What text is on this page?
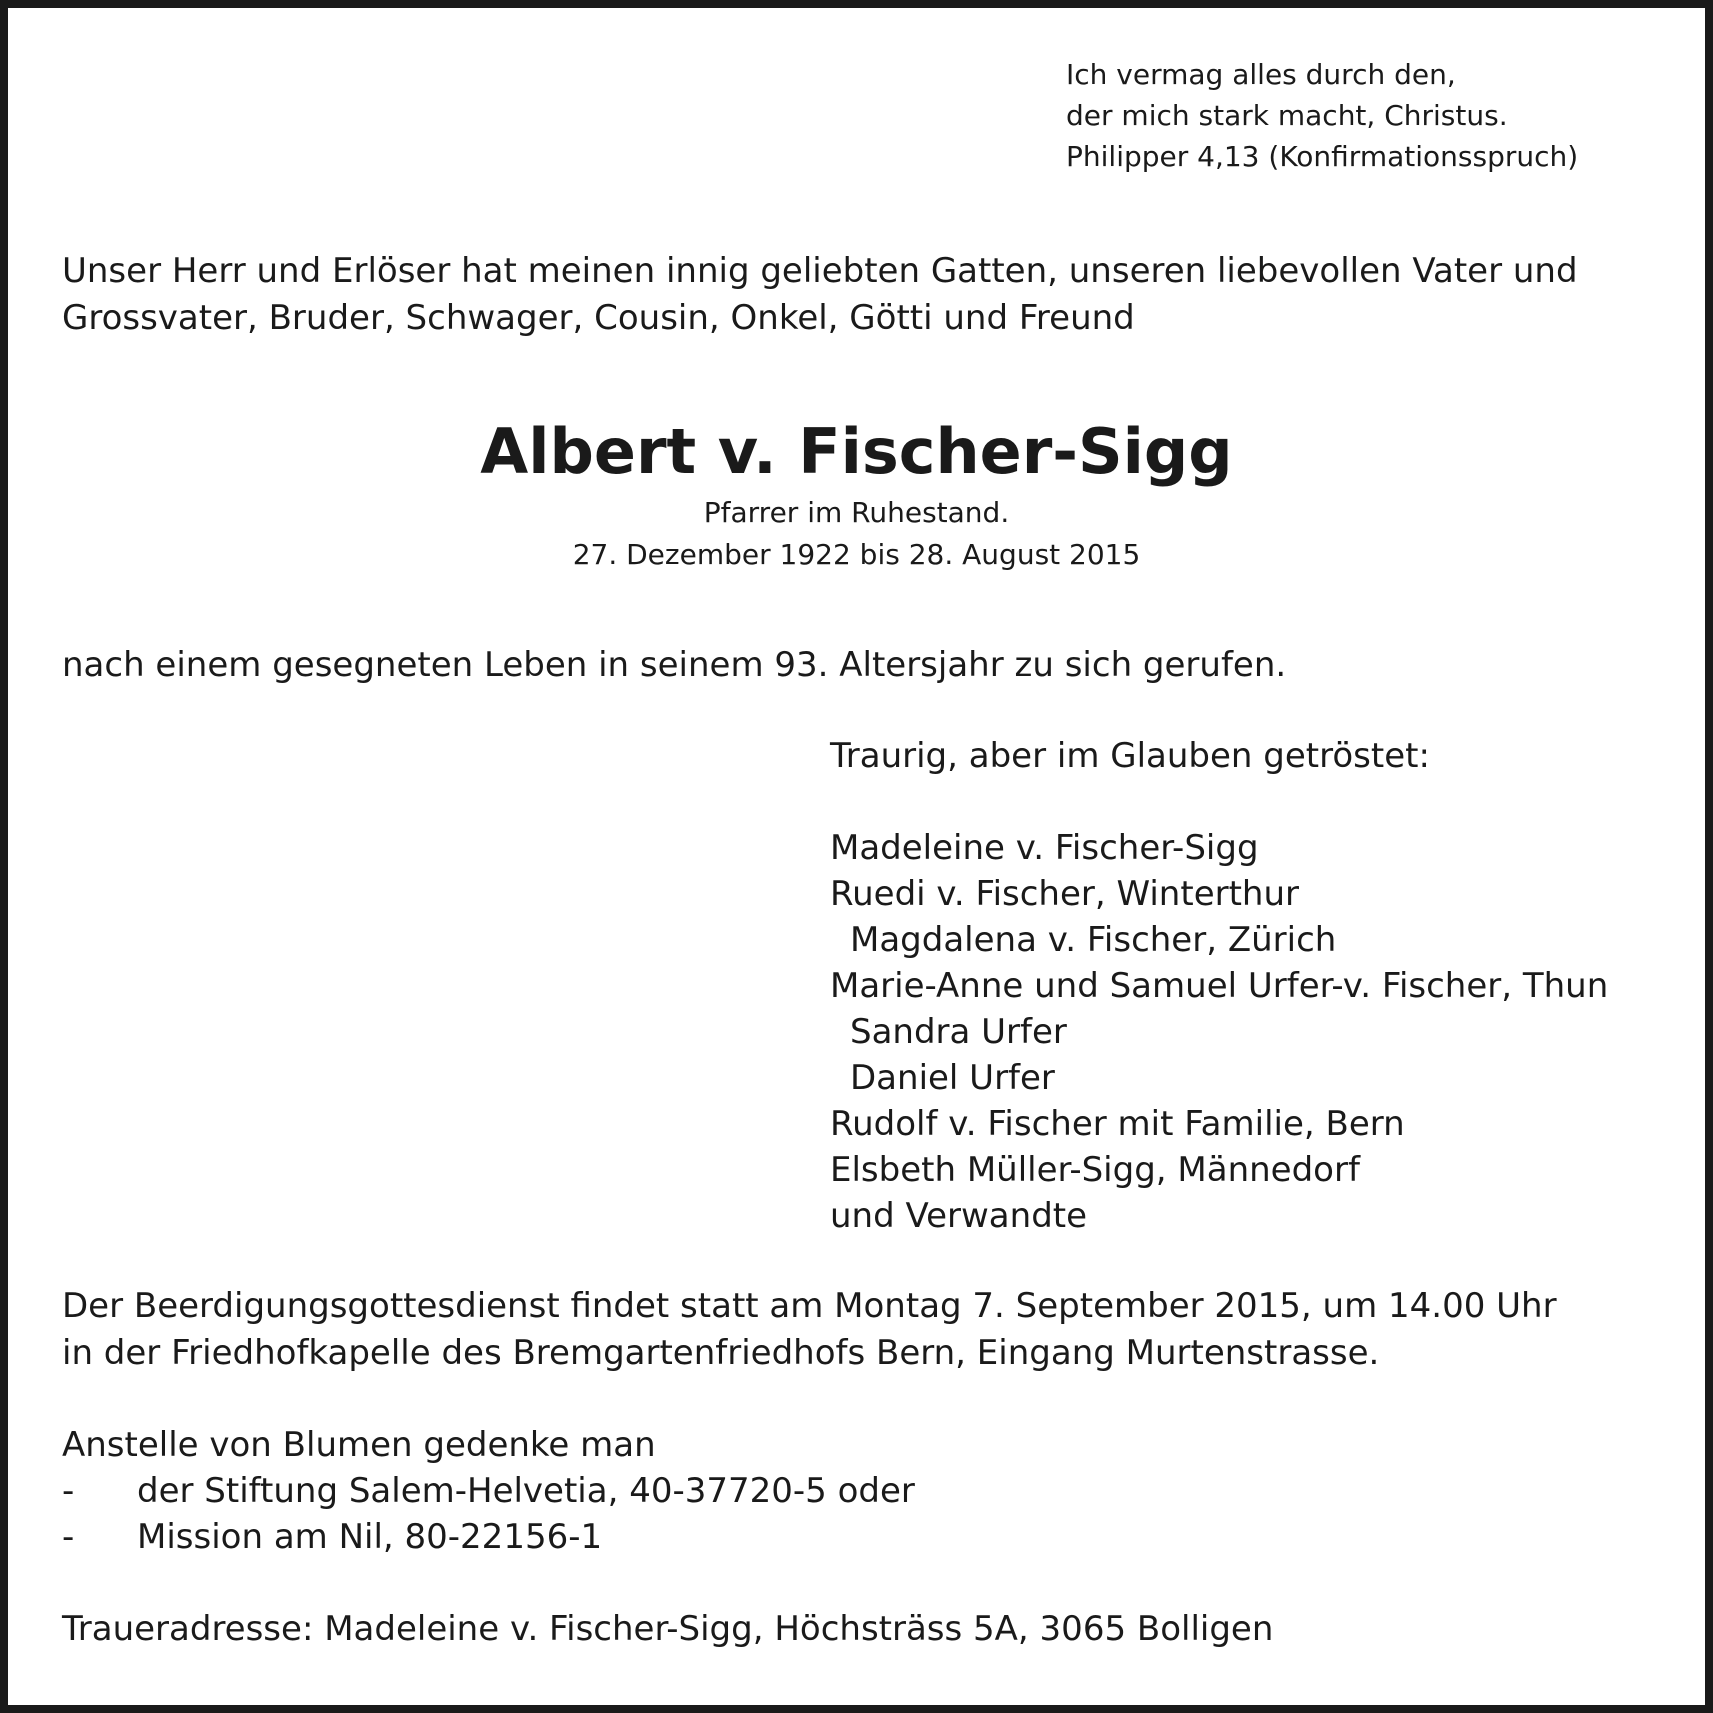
Ich vermag alles durch den,
der mich stark macht, Christus.
Philipper 4,13 (Konfirmationsspruch)
Unser Herr und Erlöser hat meinen innig geliebten Gatten, unseren liebevollen Vater und
Grossvater, Bruder, Schwager, Cousin, Onkel, Götti und Freund
Albert v. Fischer-Sigg
Pfarrer im Ruhestand.
27. Dezember 1922 bis 28. August 2015
nach einem gesegneten Leben in seinem 93. Altersjahr zu sich gerufen.
Traurig, aber im Glauben getröstet:
Madeleine v. Fischer-Sigg
Ruedi v. Fischer, Winterthur
Magdalena v. Fischer, Zürich
Marie-Anne und Samuel Urfer-v. Fischer, Thun
Sandra Urfer
Daniel Urfer
Rudolf v. Fischer mit Familie, Bern
Elsbeth Müller-Sigg, Männedorf
und Verwandte
Der Beerdigungsgottesdienst findet statt am Montag 7. September 2015, um 14.00 Uhr
in der Friedhofkapelle des Bremgartenfriedhofs Bern, Eingang Murtenstrasse.
Anstelle von Blumen gedenke man
- der Stiftung Salem-Helvetia, 40-37720-5 oder
- Mission am Nil, 80-22156-1
Traueradresse: Madeleine v. Fischer-Sigg, Höchsträss 5A, 3065 Bolligen
